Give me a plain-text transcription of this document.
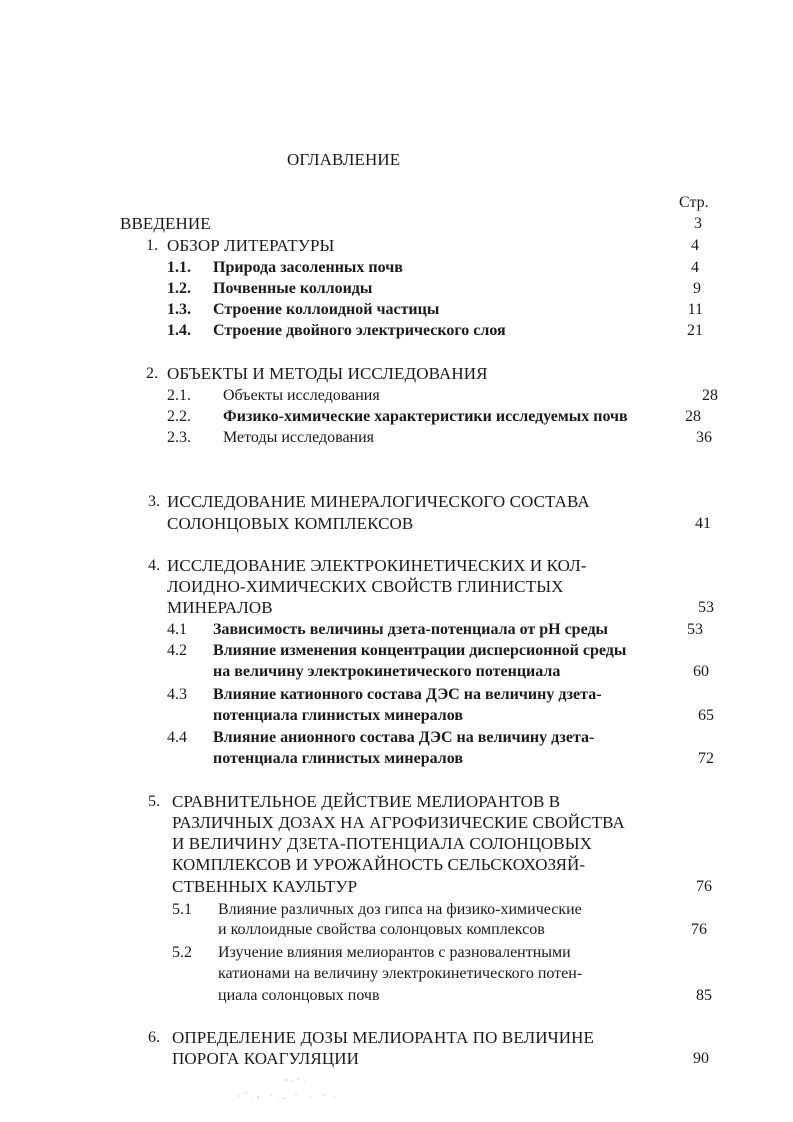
ОГЛАВЛЕНИЕ
Стр.
ВВЕДЕНИЕ	3
1. ОБЗОР ЛИТЕРАТУРЫ	4
1.1. Природа засоленных почв	4
1.2. Почвенные коллоиды	9
1.3. Строение коллоидной частицы	11
1.4. Строение двойного электрического слоя	21
2. ОБЪЕКТЫ И МЕТОДЫ ИССЛЕДОВАНИЯ
2.1. Объекты исследования	28
2.2. Физико-химические характеристики исследуемых почв	28
2.3. Методы исследования	36
3. ИССЛЕДОВАНИЕ МИНЕРАЛОГИЧЕСКОГО СОСТАВА
СОЛОНЦОВЫХ КОМПЛЕКСОВ	41
4. ИССЛЕДОВАНИЕ ЭЛЕКТРОКИНЕТИЧЕСКИХ И КОЛ-
ЛОИДНО-ХИМИЧЕСКИХ СВОЙСТВ ГЛИНИСТЫХ
МИНЕРАЛОВ	53
4.1 Зависимость величины дзета-потенциала от pH среды	53
4.2 Влияние изменения концентрации дисперсионной среды
на величину электрокинетического потенциала	60
4.3 Влияние катионного состава ДЭС на величину дзета-
потенциала глинистых минералов	65
4.4 Влияние анионного состава ДЭС на величину дзета-
потенциала глинистых минералов	72
5. СРАВНИТЕЛЬНОЕ ДЕЙСТВИЕ МЕЛИОРАНТОВ В
РАЗЛИЧНЫХ ДОЗАХ НА АГРОФИЗИЧЕСКИЕ СВОЙСТВА
И ВЕЛИЧИНУ ДЗЕТА-ПОТЕНЦИАЛА СОЛОНЦОВЫХ
КОМПЛЕКСОВ И УРОЖАЙНОСТЬ СЕЛЬСКОХОЗЯЙ-
СТВЕННЫХ КАУЛЬТУР	76
5.1 Влияние различных доз гипса на физико-химические
и коллоидные свойства солонцовых комплексов	76
5.2 Изучение влияния мелиорантов с разновалентными
катионами на величину электрокинетического потен-
циала солонцовых почв	85
6. ОПРЕДЕЛЕНИЕ ДОЗЫ МЕЛИОРАНТА ПО ВЕЛИЧИНЕ
ПОРОГА КОАГУЛЯЦИИ	90
